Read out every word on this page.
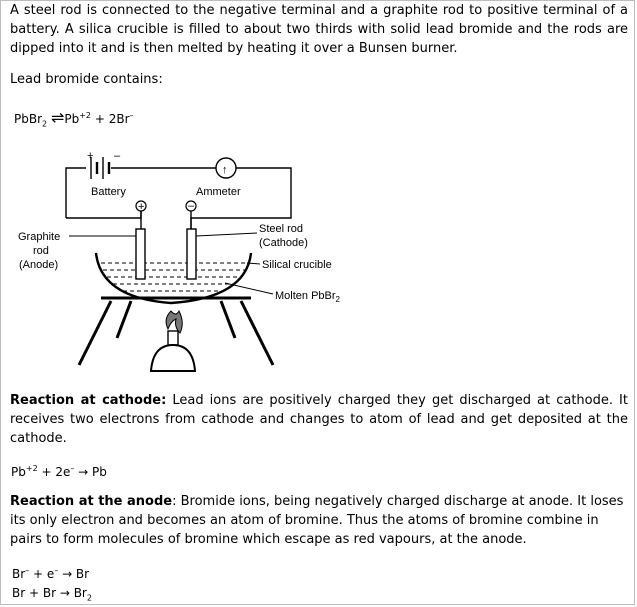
A steel rod is connected to the negative terminal and a graphite rod to positive terminal of a battery. A silica crucible is filled to about two thirds with solid lead bromide and the rods are dipped into it and is then melted by heating it over a Bunsen burner.
Lead bromide contains:
PbBr$_2$ $\rightleftharpoons Pb^{+2} + 2Br^-$
+ –
Battery
↑
Ammeter
+	–
Graphite
rod
(Anode)
Steel rod
(Cathode)
Silical crucible
Molten PbBr$_2$
Reaction at cathode: Lead ions are positively charged they get discharged at cathode. It receives two electrons from cathode and changes to atom of lead and get deposited at the cathode.
$Pb^{+2} + 2e^- \to Pb$
Reaction at the anode: Bromide ions, being negatively charged discharge at anode. It loses its only electron and becomes an atom of bromine. Thus the atoms of bromine combine in pairs to form molecules of bromine which escape as red vapours, at the anode.
Br– + e– → Br
$Br + Br \to Br_2$
